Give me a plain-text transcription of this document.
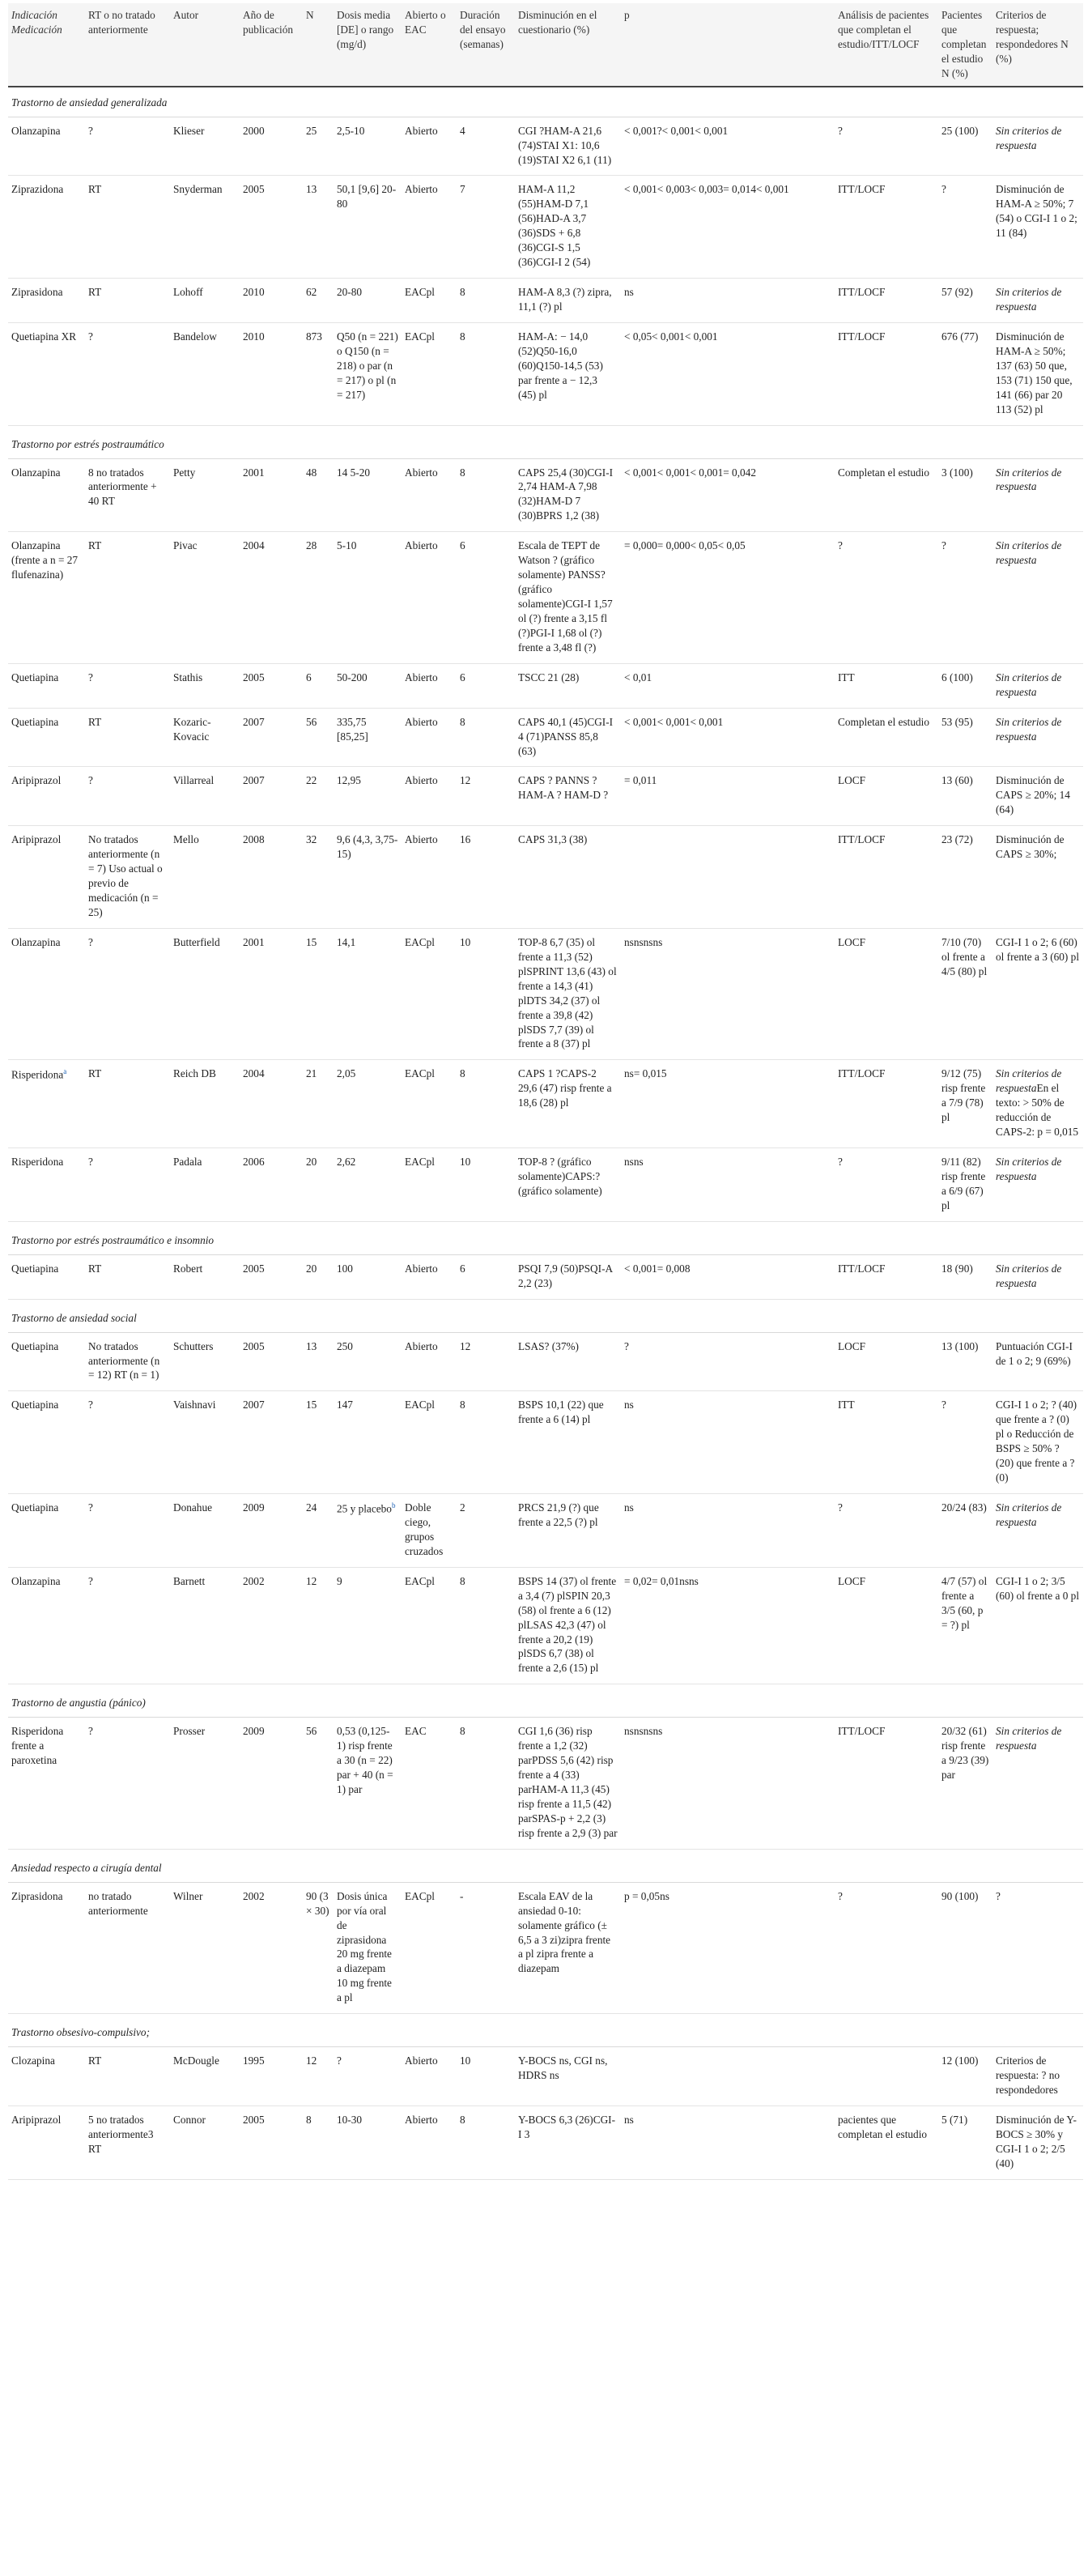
Indicación Medicación	RT o no tratado anteriormente	Autor	Año de publicación	N	Dosis media [DE] o rango (mg/d)	Abierto o EAC	Duración del ensayo (semanas)	Disminución en el cuestionario (%)	p	Análisis de pacientes que completan el estudio/ITT/LOCF	Pacientes que completan el estudio N (%)	Criterios de respuesta; respondedores N (%)
Trastorno de ansiedad generalizada												
Olanzapina	?	Klieser	2000	25	2,5-10	Abierto	4	CGI ?HAM-A 21,6 (74)STAI X1: 10,6 (19)STAI X2 6,1 (11)	< 0,001?< 0,001< 0,001	?	25 (100)	Sin criterios de respuesta
Ziprazidona	RT	Snyderman	2005	13	50,1 [9,6] 20-80	Abierto	7	HAM-A 11,2 (55)HAM-D 7,1 (56)HAD-A 3,7 (36)SDS + 6,8 (36)CGI-S 1,5 (36)CGI-I 2 (54)	< 0,001< 0,003< 0,003= 0,014< 0,001	ITT/LOCF	?	Disminución de HAM-A ≥ 50%; 7 (54) o CGI-I 1 o 2; 11 (84)
Ziprasidona	RT	Lohoff	2010	62	20-80	EACpl	8	HAM-A 8,3 (?) zipra, 11,1 (?) pl	ns	ITT/LOCF	57 (92)	Sin criterios de respuesta
Quetiapina XR	?	Bandelow	2010	873	Q50 (n = 221) o Q150 (n = 218) o par (n = 217) o pl (n = 217)	EACpl	8	HAM-A: − 14,0 (52)Q50-16,0 (60)Q150-14,5 (53) par frente a − 12,3 (45) pl	< 0,05< 0,001< 0,001	ITT/LOCF	676 (77)	Disminución de HAM-A ≥ 50%; 137 (63) 50 que, 153 (71) 150 que, 141 (66) par 20 113 (52) pl
Trastorno por estrés postraumático												
Olanzapina	8 no tratados anteriormente + 40 RT	Petty	2001	48	14 5-20	Abierto	8	CAPS 25,4 (30)CGI-I 2,74 HAM-A 7,98 (32)HAM-D 7 (30)BPRS 1,2 (38)	< 0,001< 0,001< 0,001= 0,042	Completan el estudio	3 (100)	Sin criterios de respuesta
Olanzapina (frente a n = 27 flufenazina)	RT	Pivac	2004	28	5-10	Abierto	6	Escala de TEPT de Watson ? (gráfico solamente) PANSS? (gráfico solamente)CGI-I 1,57 ol (?) frente a 3,15 fl (?)PGI-I 1,68 ol (?) frente a 3,48 fl (?)	= 0,000= 0,000< 0,05< 0,05	?	?	Sin criterios de respuesta
Quetiapina	?	Stathis	2005	6	50-200	Abierto	6	TSCC 21 (28)	< 0,01	ITT	6 (100)	Sin criterios de respuesta
Quetiapina	RT	Kozaric-Kovacic	2007	56	335,75 [85,25]	Abierto	8	CAPS 40,1 (45)CGI-I 4 (71)PANSS 85,8 (63)	< 0,001< 0,001< 0,001	Completan el estudio	53 (95)	Sin criterios de respuesta
Aripiprazol	?	Villarreal	2007	22	12,95	Abierto	12	CAPS ? PANNS ? HAM-A ? HAM-D ?	= 0,011	LOCF	13 (60)	Disminución de CAPS ≥ 20%; 14 (64)
Aripiprazol	No tratados anteriormente (n = 7) Uso actual o previo de medicación (n = 25)	Mello	2008	32	9,6 (4,3, 3,75-15)	Abierto	16	CAPS 31,3 (38)		ITT/LOCF	23 (72)	Disminución de CAPS ≥ 30%;
Olanzapina	?	Butterfield	2001	15	14,1	EACpl	10	TOP-8 6,7 (35) ol frente a 11,3 (52) plSPRINT 13,6 (43) ol frente a 14,3 (41) plDTS 34,2 (37) ol frente a 39,8 (42) plSDS 7,7 (39) ol frente a 8 (37) pl	nsnsnsns	LOCF	7/10 (70) ol frente a 4/5 (80) pl	CGI-I 1 o 2; 6 (60) ol frente a 3 (60) pl
Risperidona$^a$	RT	Reich DB	2004	21	2,05	EACpl	8	CAPS 1 ?CAPS-2 29,6 (47) risp frente a 18,6 (28) pl	ns= 0,015	ITT/LOCF	9/12 (75) risp frente a 7/9 (78) pl	Sin criterios de respuestaEn el texto: > 50% de reducción de CAPS-2: p = 0,015
Risperidona	?	Padala	2006	20	2,62	EACpl	10	TOP-8 ? (gráfico solamente)CAPS:? (gráfico solamente)	nsns	?	9/11 (82) risp frente a 6/9 (67) pl	Sin criterios de respuesta
Trastorno por estrés postraumático e insomnio												
Quetiapina	RT	Robert	2005	20	100	Abierto	6	PSQI 7,9 (50)PSQI-A 2,2 (23)	< 0,001= 0,008	ITT/LOCF	18 (90)	Sin criterios de respuesta
Trastorno de ansiedad social												
Quetiapina	No tratados anteriormente (n = 12) RT (n = 1)	Schutters	2005	13	250	Abierto	12	LSAS? (37%)	?	LOCF	13 (100)	Puntuación CGI-I de 1 o 2; 9 (69%)
Quetiapina	?	Vaishnavi	2007	15	147	EACpl	8	BSPS 10,1 (22) que frente a 6 (14) pl	ns	ITT	?	CGI-I 1 o 2; ? (40) que frente a ? (0) pl o Reducción de BSPS ≥ 50% ? (20) que frente a ? (0)
Quetiapina	?	Donahue	2009	24	25 y placebo$^b$	Doble ciego, grupos cruzados	2	PRCS 21,9 (?) que frente a 22,5 (?) pl	ns	?	20/24 (83)	Sin criterios de respuesta
Olanzapina	?	Barnett	2002	12	9	EACpl	8	BSPS 14 (37) ol frente a 3,4 (7) plSPIN 20,3 (58) ol frente a 6 (12) plLSAS 42,3 (47) ol frente a 20,2 (19) plSDS 6,7 (38) ol frente a 2,6 (15) pl	= 0,02= 0,01nsns	LOCF	4/7 (57) ol frente a 3/5 (60, p = ?) pl	CGI-I 1 o 2; 3/5 (60) ol frente a 0 pl
Trastorno de angustia (pánico)												
Risperidona frente a paroxetina	?	Prosser	2009	56	0,53 (0,125-1) risp frente a 30 (n = 22) par + 40 (n = 1) par	EAC	8	CGI 1,6 (36) risp frente a 1,2 (32) parPDSS 5,6 (42) risp frente a 4 (33) parHAM-A 11,3 (45) risp frente a 11,5 (42) parSPAS-p + 2,2 (3) risp frente a 2,9 (3) par	nsnsnsns	ITT/LOCF	20/32 (61) risp frente a 9/23 (39) par	Sin criterios de respuesta
Ansiedad respecto a cirugía dental												
Ziprasidona	no tratado anteriormente	Wilner	2002	90 (3 × 30)	Dosis única por vía oral de ziprasidona 20 mg frente a diazepam 10 mg frente a pl	EACpl	-	Escala EAV de la ansiedad 0-10: solamente gráfico (± 6,5 a 3 zi)zipra frente a pl zipra frente a diazepam	p = 0,05ns	?	90 (100)	?
Trastorno obsesivo-compulsivo;												
Clozapina	RT	McDougle	1995	12	?	Abierto	10	Y-BOCS ns, CGI ns, HDRS ns			12 (100)	Criterios de respuesta: ? no respondedores
Aripiprazol	5 no tratados anteriormente3 RT	Connor	2005	8	10-30	Abierto	8	Y-BOCS 6,3 (26)CGI-I 3	ns	pacientes que completan el estudio	5 (71)	Disminución de Y-BOCS ≥ 30% y CGI-I 1 o 2; 2/5 (40)
